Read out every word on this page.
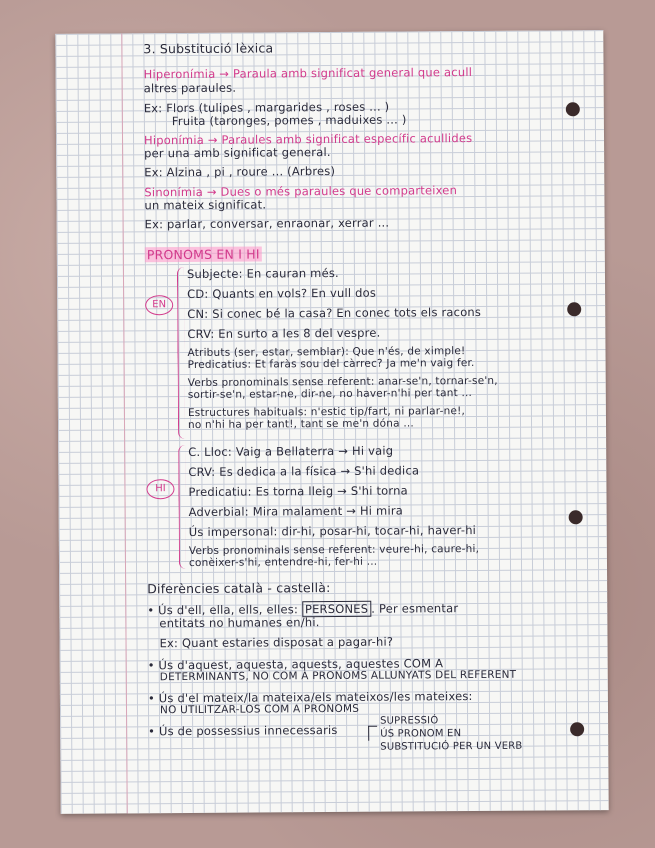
3. Substitució lèxica
Hiperonímia → Paraula amb significat general que acull
altres paraules.
Ex: Flors (tulipes , margarides , roses ... )
Fruita (taronges, pomes , maduixes ... )
Hiponímia → Paraules amb significat específic acullides
per una amb significat general.
Ex: Alzina , pi , roure ... (Arbres)
Sinonímia → Dues o més paraules que comparteixen
un mateix significat.
Ex: parlar, conversar, enraonar, xerrar ...
PRONOMS EN I HI
EN
Subjecte: En cauran més.
CD: Quants en vols? En vull dos
CN: Si conec bé la casa? En conec tots els racons
CRV: En surto a les 8 del vespre.
Atributs (ser, estar, semblar): Que n'és, de ximple!
Predicatius: Et faràs sou del càrrec? Ja me'n vaig fer.
Verbs pronominals sense referent: anar-se'n, tornar-se'n,
sortir-se'n, estar-ne, dir-ne, no haver-n'hi per tant ...
Estructures habituals: n'estic tip/fart, ni parlar-ne!,
no n'hi ha per tant!, tant se me'n dóna ...
HI
C. Lloc: Vaig a Bellaterra → Hi vaig
CRV: Es dedica a la física → S'hi dedica
Predicatiu: Es torna lleig → S'hi torna
Adverbial: Mira malament → Hi mira
Ús impersonal: dir-hi, posar-hi, tocar-hi, haver-hi
Verbs pronominals sense referent: veure-hi, caure-hi,
conèixer-s'hi, entendre-hi, fer-hi ...
Diferències català - castellà:
• Ús d'ell, ella, ells, elles: PERSONES . Per esmentar
entitats no humanes en/hi.
Ex: Quant estaries disposat a pagar-hi?
• Ús d'aquest, aquesta, aquests, aquestes COM A
DETERMINANTS, NO COM A PRONOMS ALLUNYATS DEL REFERENT
• Ús d'el mateix/la mateixa/els mateixos/les mateixes:
NO UTILITZAR-LOS COM A PRONOMS
• Ús de possessius innecessaris
SUPRESSIÓ
ÚS PRONOM EN
SUBSTITUCIÓ PER UN VERB
